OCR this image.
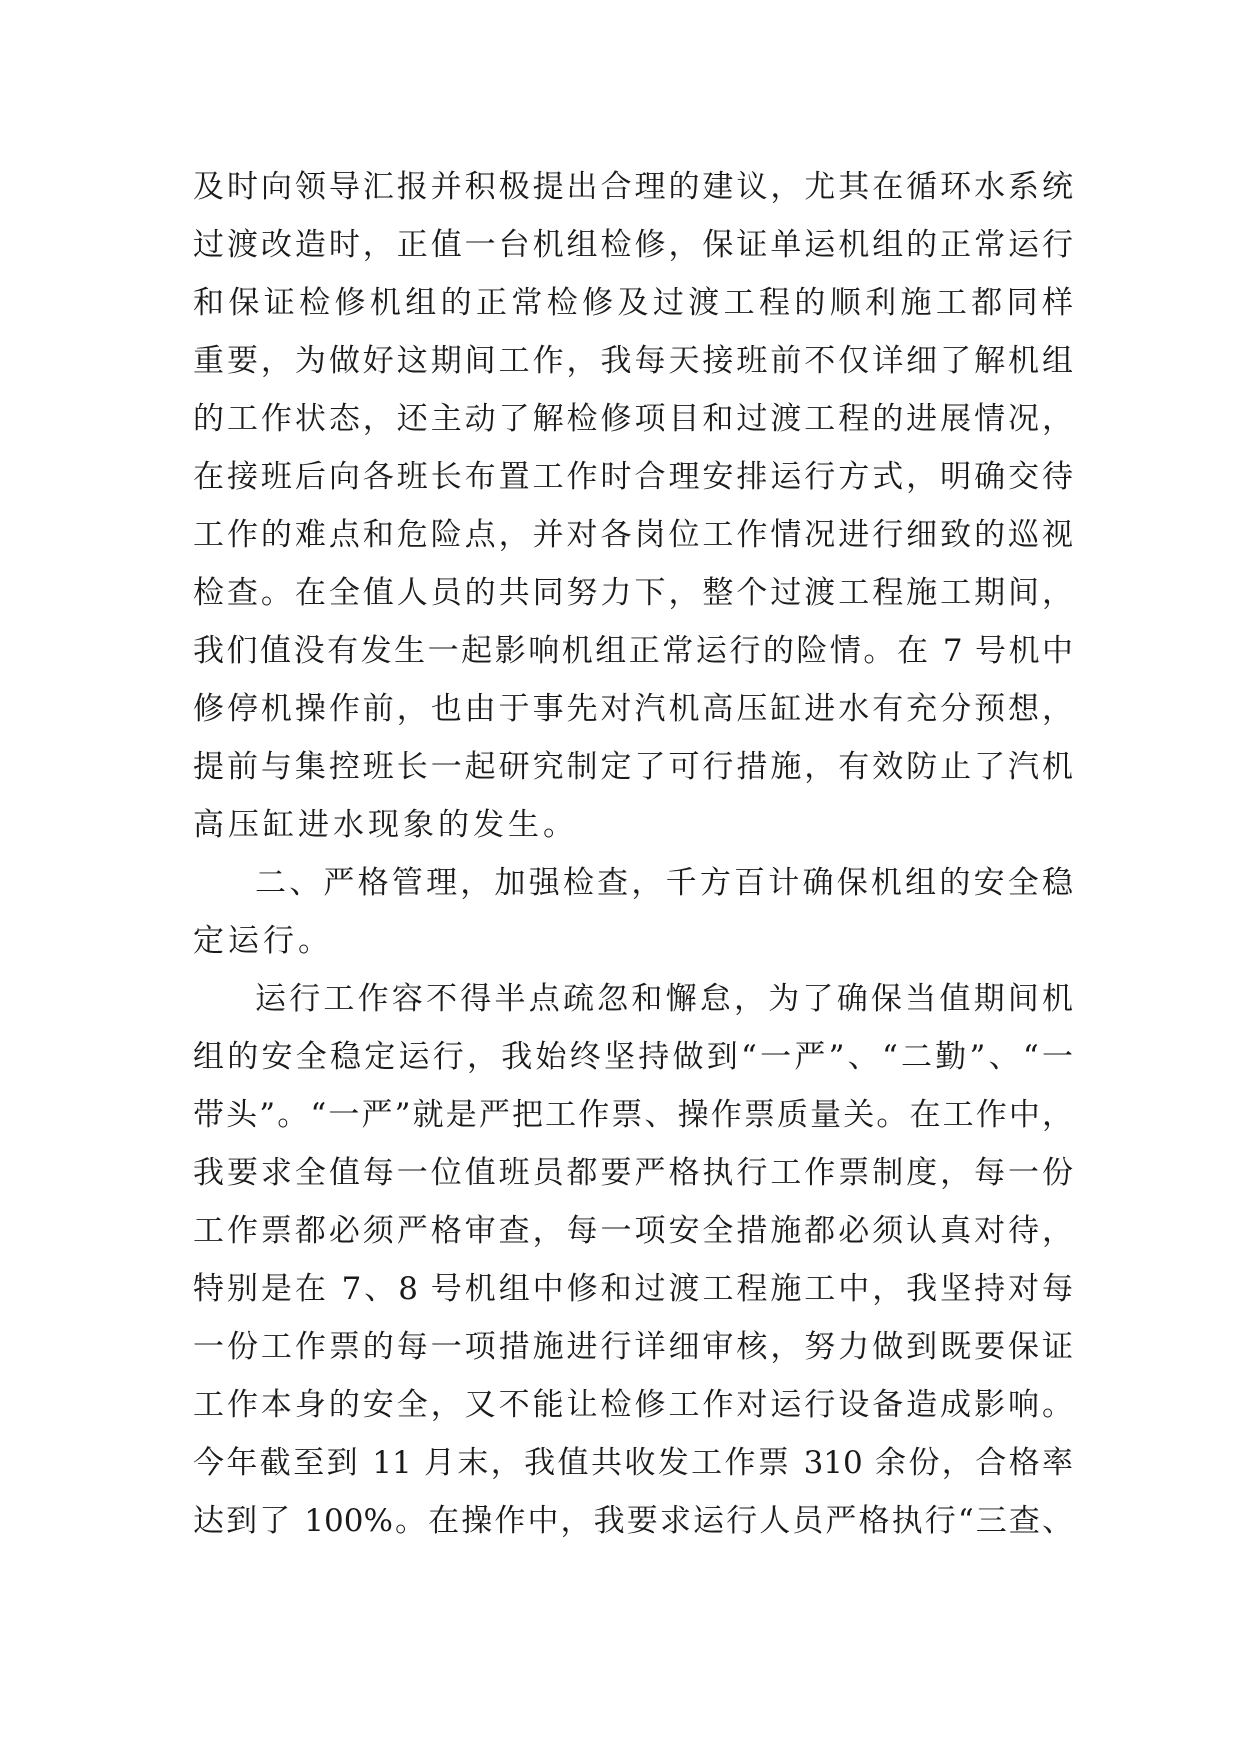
及时向领导汇报并积极提出合理的建议，尤其在循环水系统
过渡改造时，正值一台机组检修，保证单运机组的正常运行
和保证检修机组的正常检修及过渡工程的顺利施工都同样
重要，为做好这期间工作，我每天接班前不仅详细了解机组
的工作状态，还主动了解检修项目和过渡工程的进展情况，
在接班后向各班长布置工作时合理安排运行方式，明确交待
工作的难点和危险点，并对各岗位工作情况进行细致的巡视
检查。在全值人员的共同努力下，整个过渡工程施工期间，
我们值没有发生一起影响机组正常运行的险情。在 7 号机中
修停机操作前，也由于事先对汽机高压缸进水有充分预想，
提前与集控班长一起研究制定了可行措施，有效防止了汽机
高压缸进水现象的发生。
二、严格管理，加强检查，千方百计确保机组的安全稳
定运行。
运行工作容不得半点疏忽和懈怠，为了确保当值期间机
组的安全稳定运行，我始终坚持做到“一严”、“二勤”、“一
带头”。“一严”就是严把工作票、操作票质量关。在工作中，
我要求全值每一位值班员都要严格执行工作票制度，每一份
工作票都必须严格审查，每一项安全措施都必须认真对待，
特别是在 7、8 号机组中修和过渡工程施工中，我坚持对每
一份工作票的每一项措施进行详细审核，努力做到既要保证
工作本身的安全，又不能让检修工作对运行设备造成影响。
今年截至到 11 月末，我值共收发工作票 310 余份，合格率
达到了 100%。在操作中，我要求运行人员严格执行“三查、
